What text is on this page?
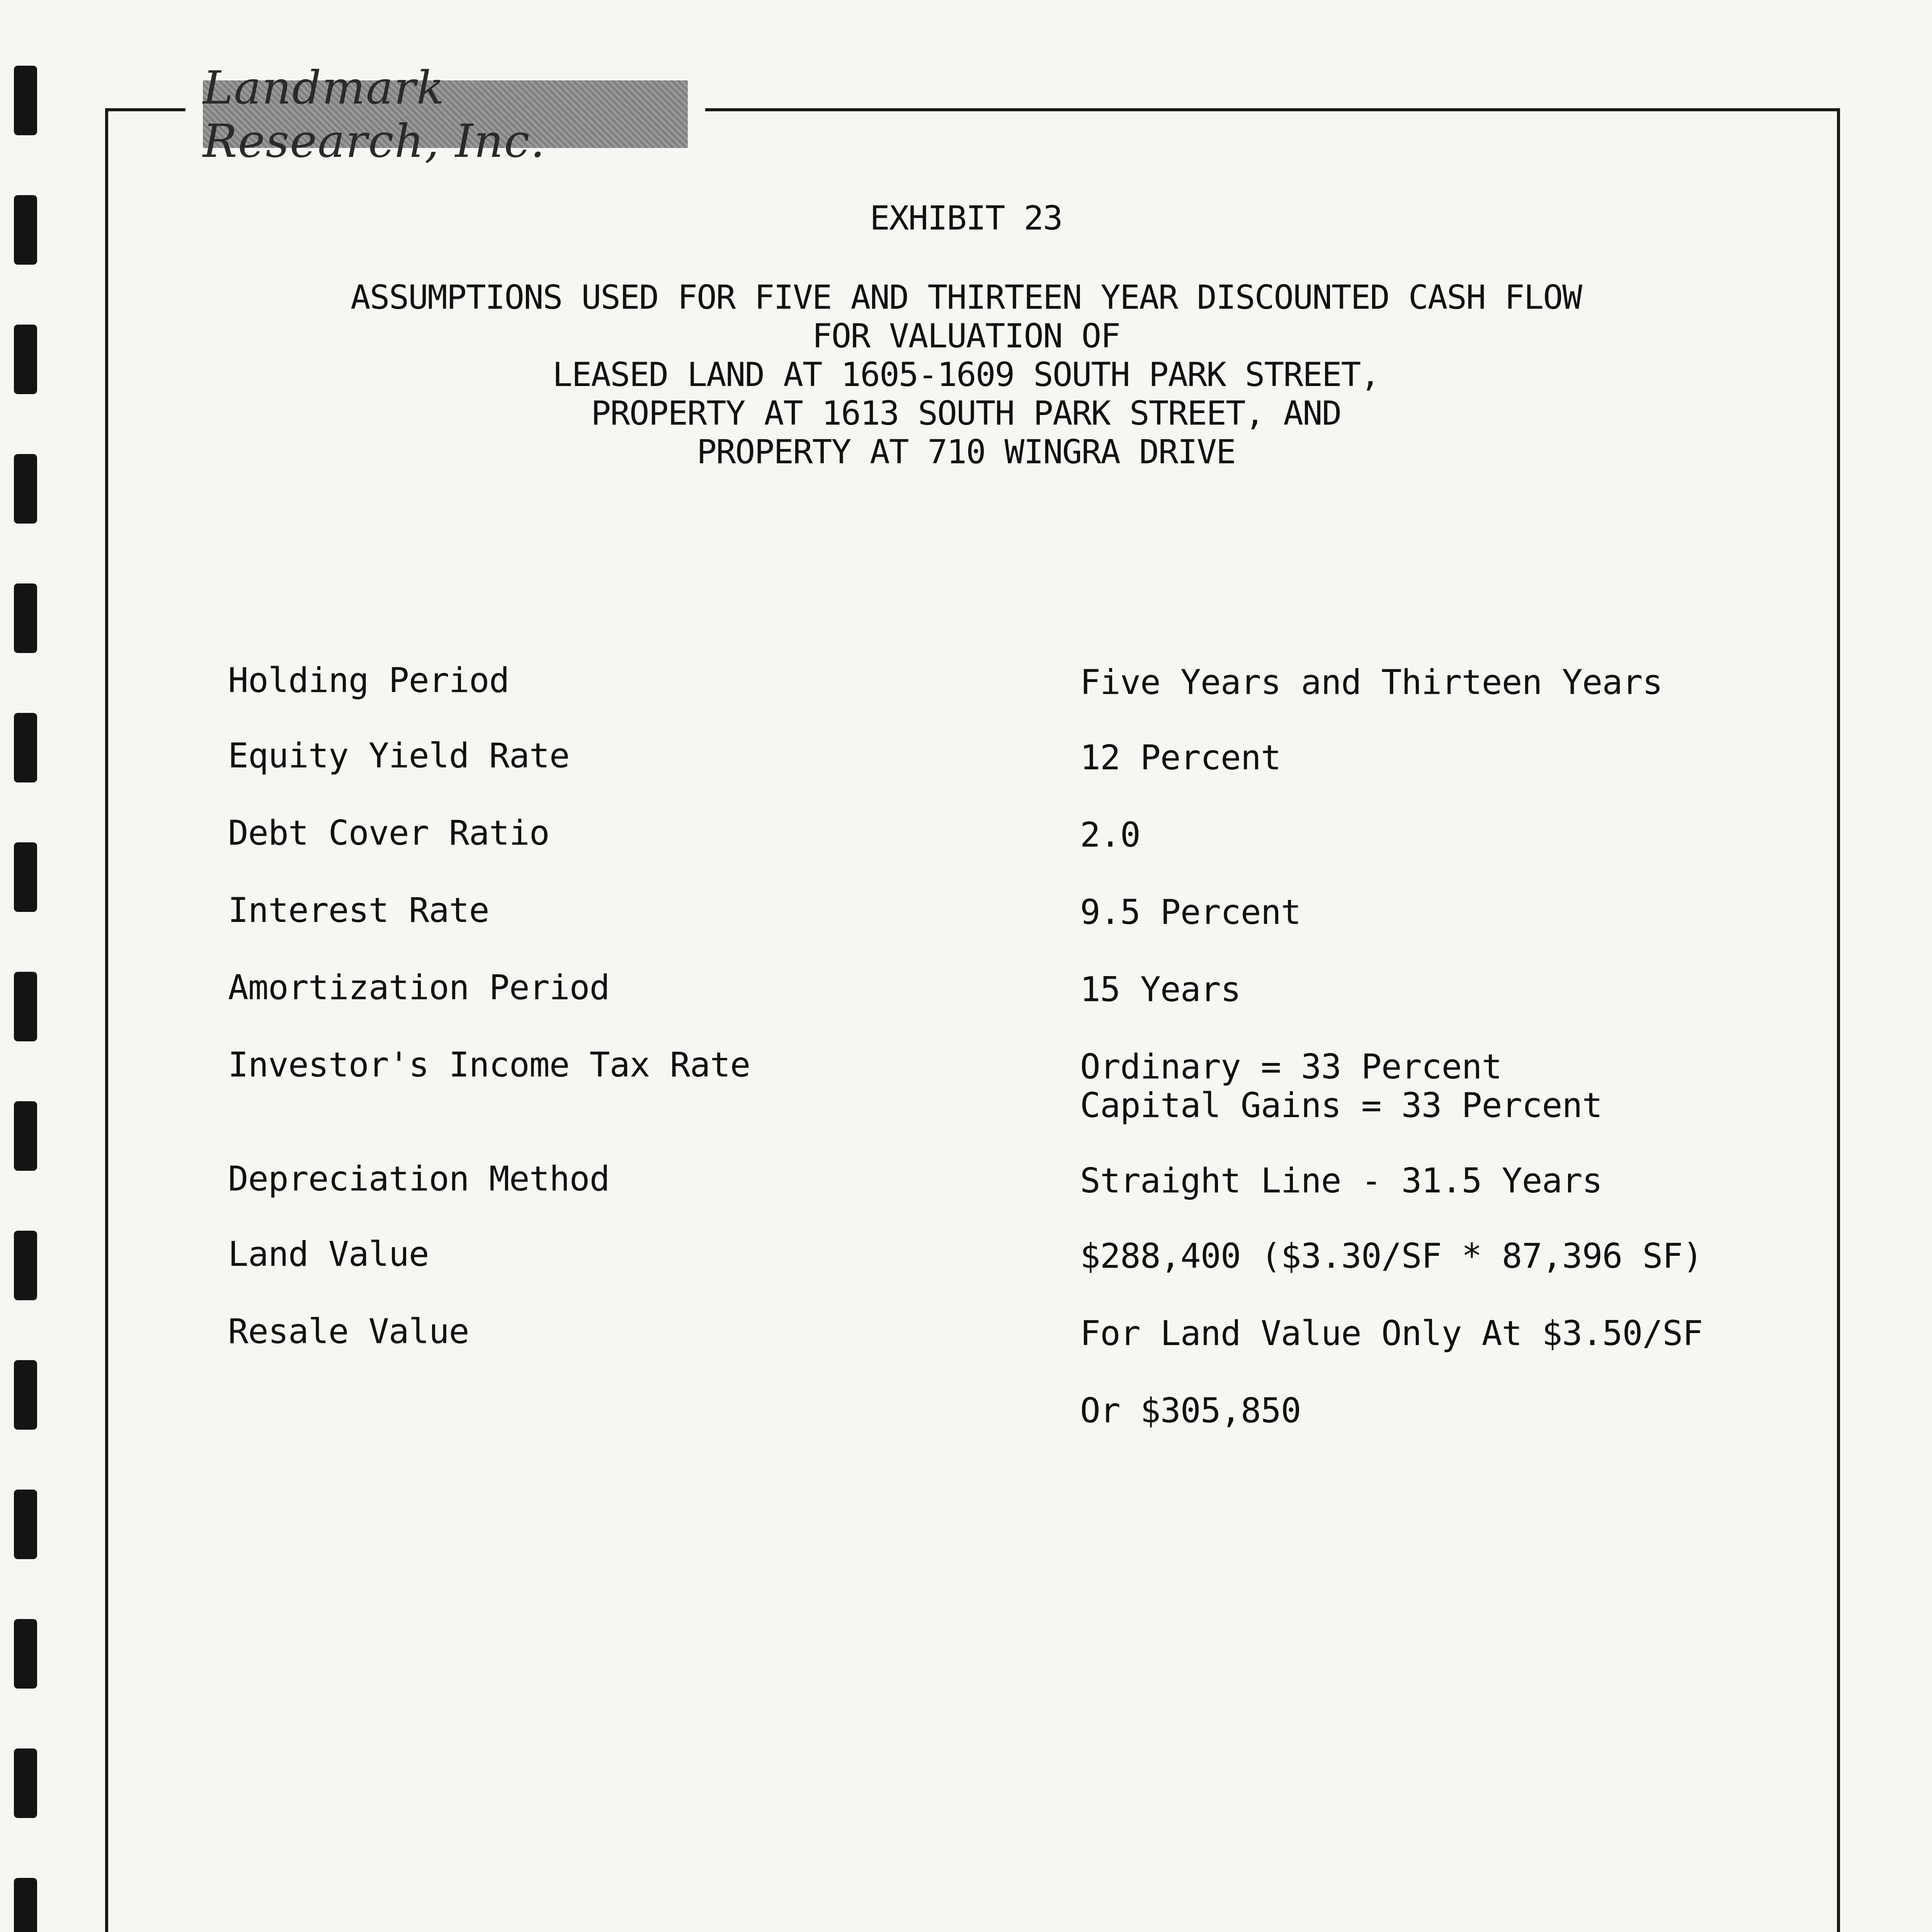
Landmark Research, Inc.
EXHIBIT 23
ASSUMPTIONS USED FOR FIVE AND THIRTEEN YEAR DISCOUNTED CASH FLOW
FOR VALUATION OF
LEASED LAND AT 1605-1609 SOUTH PARK STREET,
PROPERTY AT 1613 SOUTH PARK STREET, AND
PROPERTY AT 710 WINGRA DRIVE
Holding Period	Five Years and Thirteen Years
Equity Yield Rate	12 Percent
Debt Cover Ratio	2.0
Interest Rate	9.5 Percent
Amortization Period	15 Years
Investor's Income Tax Rate	Ordinary = 33 Percent
Capital Gains = 33 Percent
Depreciation Method	Straight Line - 31.5 Years
Land Value	$288,400 ($3.30/SF * 87,396 SF)
Resale Value	For Land Value Only At $3.50/SF
Or $305,850
